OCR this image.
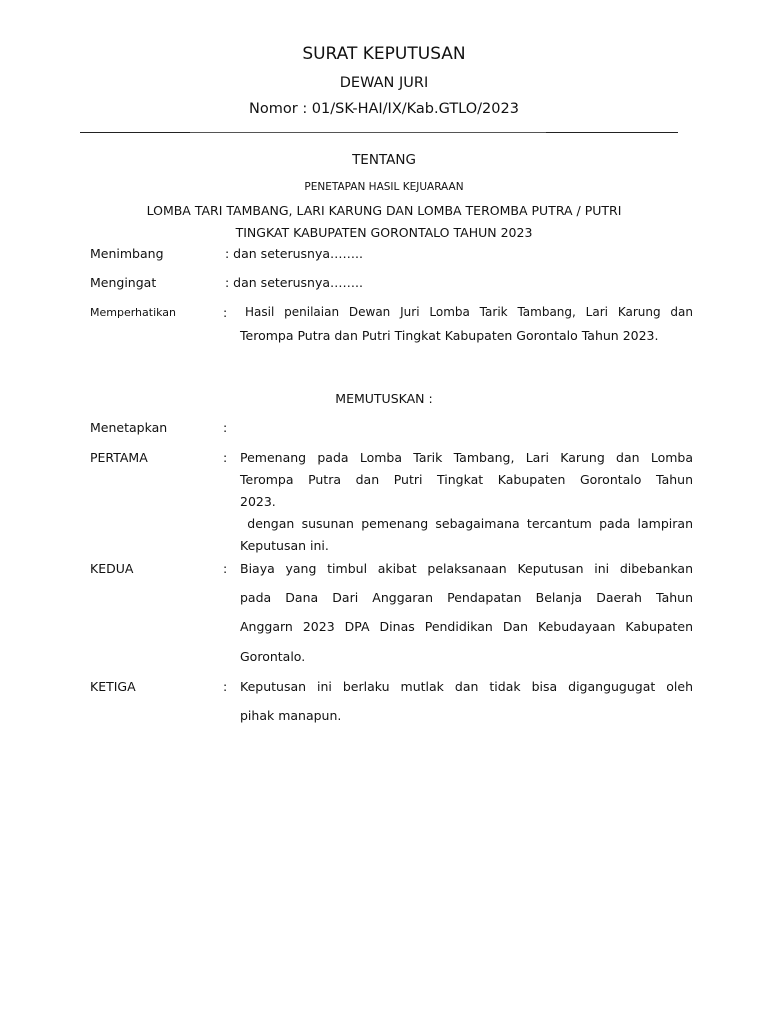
SURAT KEPUTUSAN
DEWAN JURI
Nomor : 01/SK-HAI/IX/Kab.GTLO/2023
TENTANG
PENETAPAN HASIL KEJUARAAN
LOMBA TARI TAMBANG, LARI KARUNG DAN LOMBA TEROMBA PUTRA / PUTRI
TINGKAT KABUPATEN GORONTALO TAHUN 2023
Menimbang	: dan seterusnya……..
Mengingat	: dan seterusnya……..
Memperhatikan	: Hasil penilaian Dewan Juri Lomba Tarik Tambang, Lari Karung dan
Terompa Putra dan Putri Tingkat Kabupaten Gorontalo Tahun 2023.
MEMUTUSKAN :
Menetapkan	:
PERTAMA	: Pemenang pada Lomba Tarik Tambang, Lari Karung dan Lomba
Terompa Putra dan Putri Tingkat Kabupaten Gorontalo Tahun
2023.
dengan susunan pemenang sebagaimana tercantum pada lampiran
Keputusan ini.
KEDUA	: Biaya yang timbul akibat pelaksanaan Keputusan ini dibebankan
pada Dana Dari Anggaran Pendapatan Belanja Daerah Tahun
Anggarn 2023 DPA Dinas Pendidikan Dan Kebudayaan Kabupaten
Gorontalo.
KETIGA	: Keputusan ini berlaku mutlak dan tidak bisa digangugugat oleh
pihak manapun.
